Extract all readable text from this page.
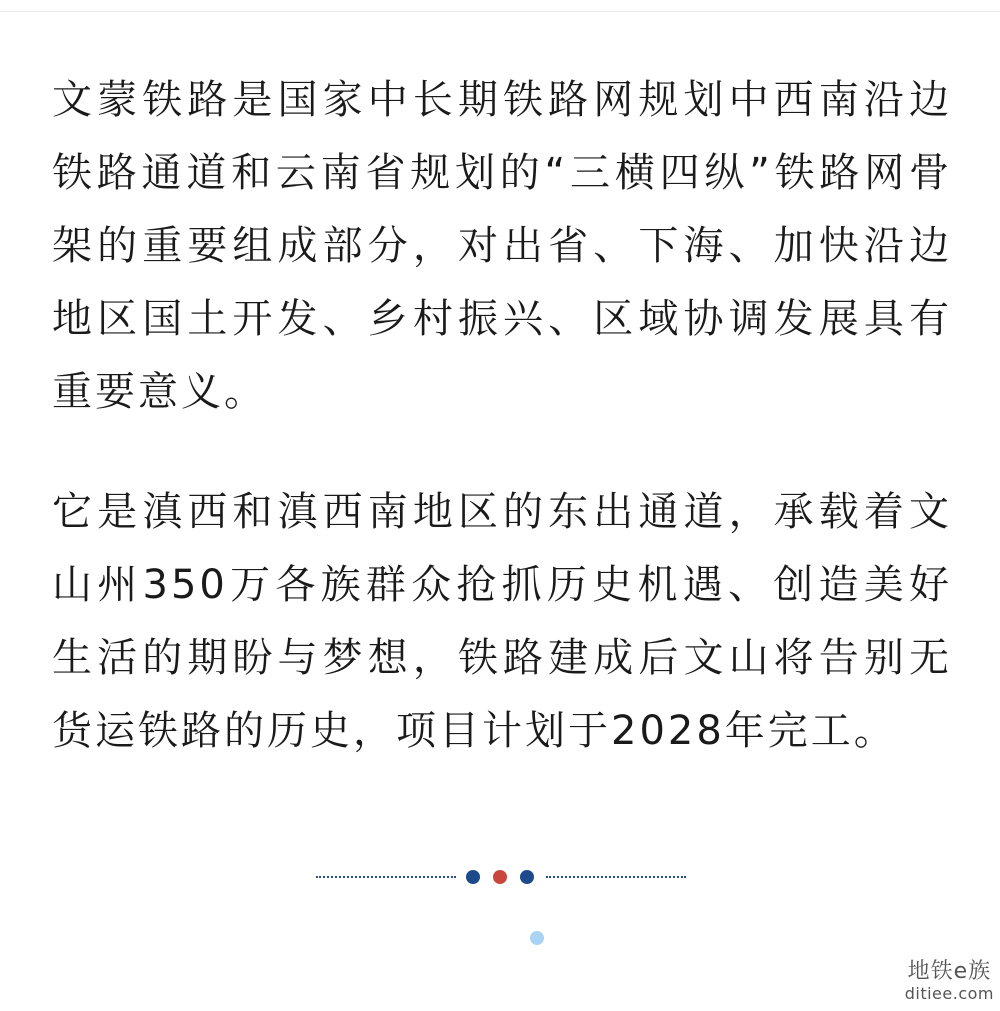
文蒙铁路是国家中长期铁路网规划中西南沿边铁路通道和云南省规划的“三横四纵”铁路网骨架的重要组成部分，对出省、下海、加快沿边地区国土开发、乡村振兴、区域协调发展具有重要意义。

它是滇西和滇西南地区的东出通道，承载着文山州350万各族群众抢抓历史机遇、创造美好生活的期盼与梦想，铁路建成后文山将告别无货运铁路的历史，项目计划于2028年完工。

地铁e族
ditiee.com
